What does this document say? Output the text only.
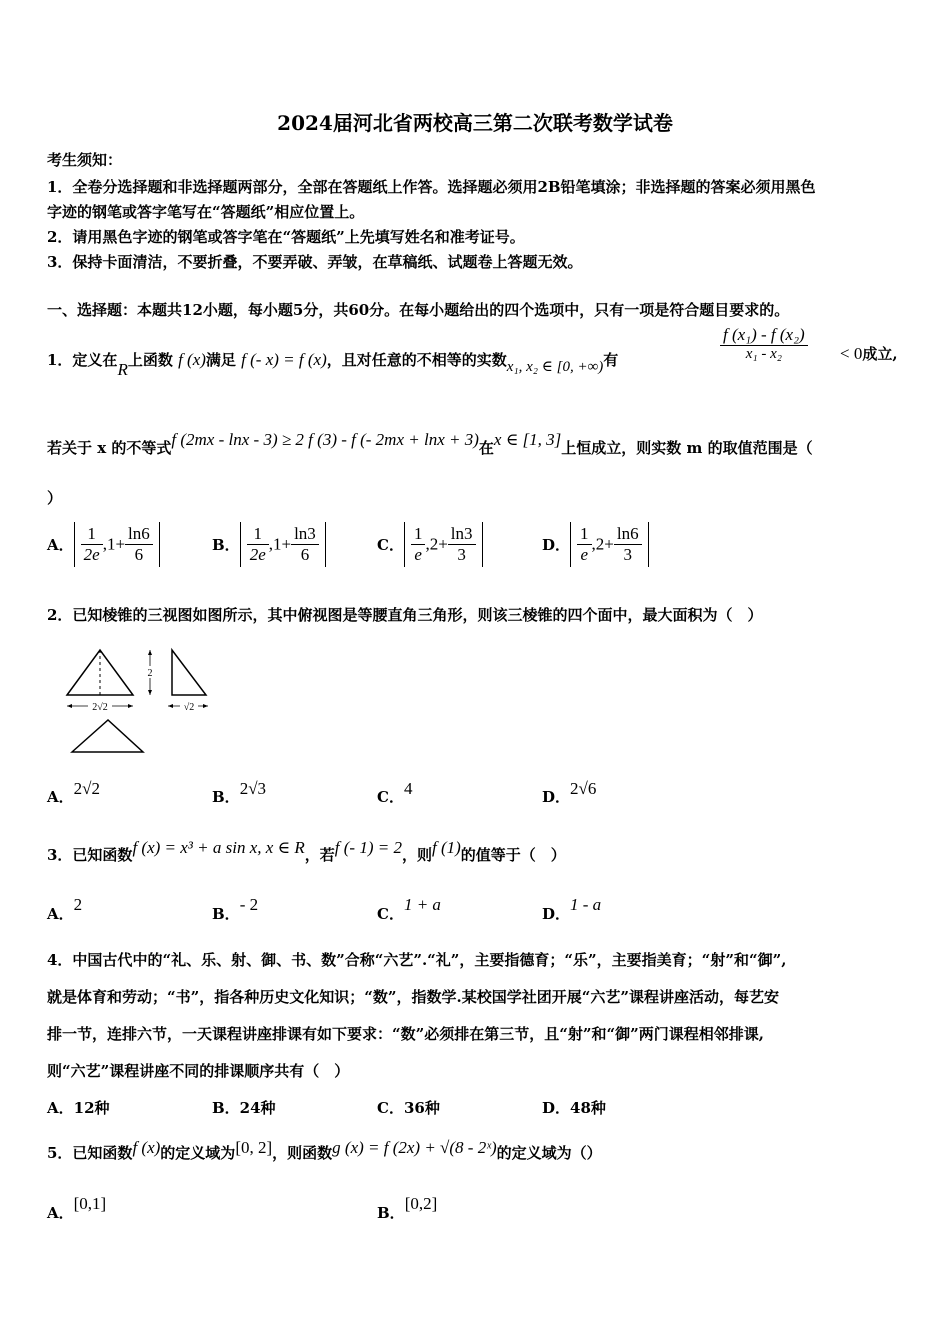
2024届河北省两校高三第二次联考数学试卷
考生须知：
1．全卷分选择题和非选择题两部分，全部在答题纸上作答。选择题必须用2B铅笔填涂；非选择题的答案必须用黑色
字迹的钢笔或答字笔写在“答题纸”相应位置上。
2．请用黑色字迹的钢笔或答字笔在“答题纸”上先填写姓名和准考证号。
3．保持卡面清洁，不要折叠，不要弄破、弄皱，在草稿纸、试题卷上答题无效。
一、选择题：本题共12小题，每小题5分，共60分。在每小题给出的四个选项中，只有一项是符合题目要求的。
1．定义在R上函数 f (x)满足 f (- x) = f (x)，且对任意的不相等的实数x₁, x₂ ∈ [0, +∞)有	$\frac{\text{f (x₁) - f (x₂)}}{\text{x₁ - x₂}} < 0$成立,
若关于 x 的不等式f (2mx - lnx - 3) ≥ 2 f (3) - f (- 2mx + lnx + 3)在x ∈ [1, 3]上恒成立，则实数 m 的取值范围是（
）
A． $\frac{1}{2e} ,1+ \frac{\ln 6}{6}$	B． $\frac{1}{2e} ,1+ \frac{\ln 3}{6}$	C． $\frac{1}{e} ,2+ \frac{\ln 3}{3}$	D． $\frac{1}{e} ,2+ \frac{\ln 6}{3}$
2．已知棱锥的三视图如图所示，其中俯视图是等腰直角三角形，则该三棱锥的四个面中，最大面积为（　）
2√2
2
√2
A．2√2	B．2√3	C．4	D．2√6
3．已知函数f (x) = x³ + a sin x, x ∈ R，若f (- 1) = 2，则f (1)的值等于（　）
A．2	B．- 2	C．1 + a	D．1 - a
4．中国古代中的“礼、乐、射、御、书、数”合称“六艺”.“礼”，主要指德育；“乐”，主要指美育；“射”和“御”,
就是体育和劳动；“书”，指各种历史文化知识；“数”，指数学.某校国学社团开展“六艺”课程讲座活动，每艺安
排一节，连排六节，一天课程讲座排课有如下要求：“数”必须排在第三节，且“射”和“御”两门课程相邻排课,
则“六艺”课程讲座不同的排课顺序共有（　）
A．12种	B．24种	C．36种	D．48种
5．已知函数f (x)的定义域为[0, 2]，则函数g (x) = f (2x) + √(8 - 2ˣ)的定义域为（）
A．[0,1]	B．[0,2]
